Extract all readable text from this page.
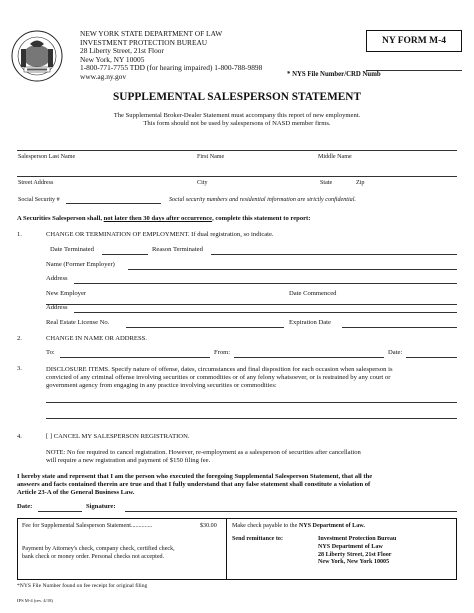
NEW YORK STATE DEPARTMENT OF LAW
INVESTMENT PROTECTION BUREAU
28 Liberty Street, 21st Floor
New York, NY 10005
1-800-771-7755 TDD (for hearing impaired) 1-800-788-9898
www.ag.ny.gov
NY FORM M-4
* NYS File Number/CRD Numb
SUPPLEMENTAL SALESPERSON STATEMENT
The Supplemental Broker-Dealer Statement must accompany this report of new employment.
This form should not be used by salespersons of NASD member firms.
Salesperson Last Name	First Name	Middle Name
Street Address	City	State	Zip
Social Security #	Social security numbers and residential information are strictly confidential.
A Securities Salesperson shall, not later then 30 days after occurrence, complete this statement to report:
1.	CHANGE OR TERMINATION OF EMPLOYMENT. If dual registration, so indicate.
Date Terminated	Reason Terminated
Name (Former Employer)
Address
New Employer	Date Commenced
Address
Real Estate License No.	Expiration Date
2.	CHANGE IN NAME OR ADDRESS.
To:	From:	Date:
3.	DISCLOSURE ITEMS. Specify nature of offense, dates, circumstances and final disposition for each occasion when salesperson is
convicted of any criminal offense involving securities or commodities or of any felony whatsoever, or is restrained by any court or
government agency from engaging in any practice involving securities or commodities:
4.	[ ] CANCEL MY SALESPERSON REGISTRATION.
NOTE: No fee required to cancel registration. However, re-employment as a salesperson of securities after cancellation
will require a new registration and payment of $150 filing fee.
I hereby state and represent that I am the person who executed the foregoing Supplemental Salesperson Statement, that all the
answers and facts contained therein are true and that I fully understand that any false statement shall constitute a violation of
Article 23-A of the General Business Law.
Date:	Signature:
Fee for Supplemental Salesperson Statement..............	$30.00
Payment by Attorney's check, company check, certified check,
bank check or money order. Personal checks not accepted.
Make check payable to the NYS Department of Law.
Send remittance to:	Investment Protection Bureau
NYS Department of Law
28 Liberty Street, 21st Floor
New York, New York 10005
*NYS File Number found on fee receipt for original filing
IPS M-4 (rev. 4/18)
